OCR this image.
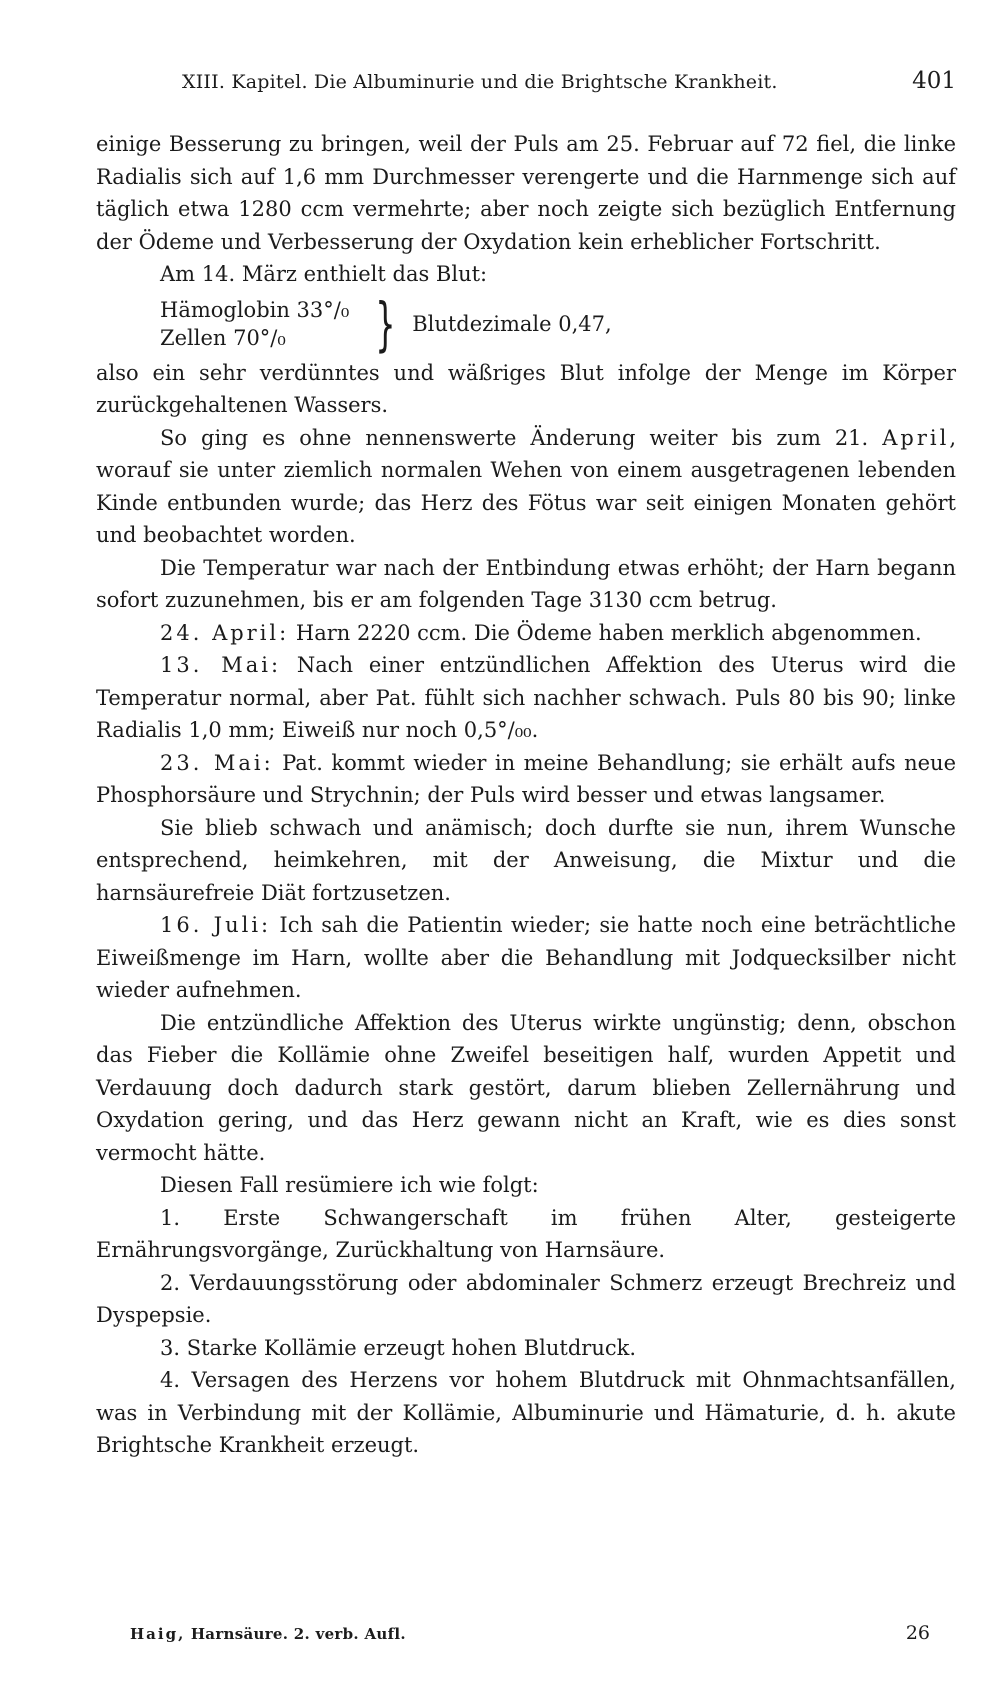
XIII. Kapitel. Die Albuminurie und die Brightsche Krankheit.	401

einige Besserung zu bringen, weil der Puls am 25. Februar auf 72 fiel, die linke Radialis sich auf 1,6 mm Durchmesser verengerte und die Harnmenge sich auf täglich etwa 1280 ccm vermehrte; aber noch zeigte sich bezüglich Entfernung der Ödeme und Verbesserung der Oxydation kein erheblicher Fortschritt.

Am 14. März enthielt das Blut:

Hämoglobin 33°/₀
Zellen 70°/₀	} Blutdezimale 0,47,

also ein sehr verdünntes und wäßriges Blut infolge der Menge im Körper zurückgehaltenen Wassers.

So ging es ohne nennenswerte Änderung weiter bis zum 21. April, worauf sie unter ziemlich normalen Wehen von einem ausgetragenen lebenden Kinde entbunden wurde; das Herz des Fötus war seit einigen Monaten gehört und beobachtet worden.

Die Temperatur war nach der Entbindung etwas erhöht; der Harn begann sofort zuzunehmen, bis er am folgenden Tage 3130 ccm betrug.

24. April: Harn 2220 ccm. Die Ödeme haben merklich abgenommen.

13. Mai: Nach einer entzündlichen Affektion des Uterus wird die Temperatur normal, aber Pat. fühlt sich nachher schwach. Puls 80 bis 90; linke Radialis 1,0 mm; Eiweiß nur noch 0,5°/₀₀.

23. Mai: Pat. kommt wieder in meine Behandlung; sie erhält aufs neue Phosphorsäure und Strychnin; der Puls wird besser und etwas langsamer.

Sie blieb schwach und anämisch; doch durfte sie nun, ihrem Wunsche entsprechend, heimkehren, mit der Anweisung, die Mixtur und die harnsäurefreie Diät fortzusetzen.

16. Juli: Ich sah die Patientin wieder; sie hatte noch eine beträchtliche Eiweißmenge im Harn, wollte aber die Behandlung mit Jodquecksilber nicht wieder aufnehmen.

Die entzündliche Affektion des Uterus wirkte ungünstig; denn, obschon das Fieber die Kollämie ohne Zweifel beseitigen half, wurden Appetit und Verdauung doch dadurch stark gestört, darum blieben Zellernährung und Oxydation gering, und das Herz gewann nicht an Kraft, wie es dies sonst vermocht hätte.

Diesen Fall resümiere ich wie folgt:

1. Erste Schwangerschaft im frühen Alter, gesteigerte Ernährungsvorgänge, Zurückhaltung von Harnsäure.

2. Verdauungsstörung oder abdominaler Schmerz erzeugt Brechreiz und Dyspepsie.

3. Starke Kollämie erzeugt hohen Blutdruck.

4. Versagen des Herzens vor hohem Blutdruck mit Ohnmachtsanfällen, was in Verbindung mit der Kollämie, Albuminurie und Hämaturie, d. h. akute Brightsche Krankheit erzeugt.

Haig, Harnsäure. 2. verb. Aufl.	26
